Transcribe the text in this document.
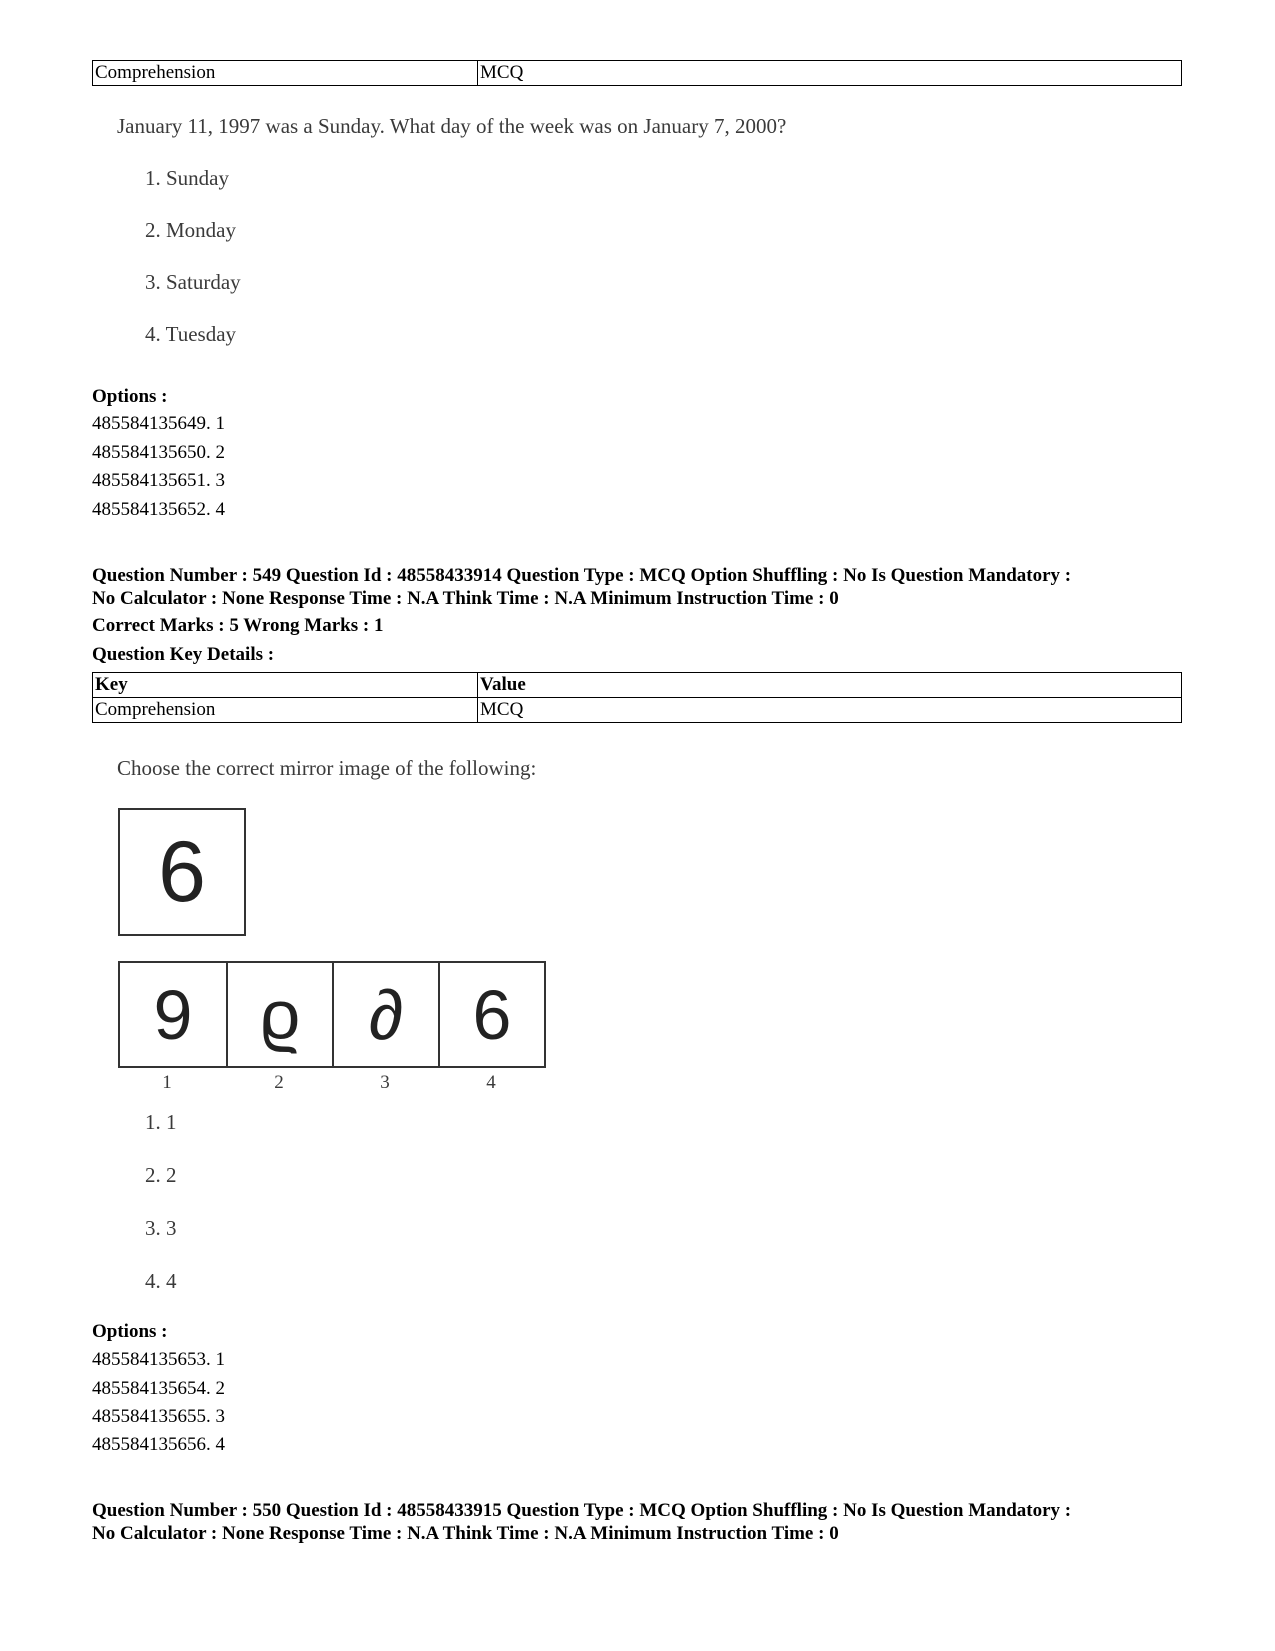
Comprehension	MCQ
January 11, 1997 was a Sunday. What day of the week was on January 7, 2000?
1. Sunday
2. Monday
3. Saturday
4. Tuesday
Options :
485584135649. 1
485584135650. 2
485584135651. 3
485584135652. 4
Question Number : 549 Question Id : 48558433914 Question Type : MCQ Option Shuffling : No Is Question Mandatory :
No Calculator : None Response Time : N.A Think Time : N.A Minimum Instruction Time : 0
Correct Marks : 5 Wrong Marks : 1
Question Key Details :
Key	Value
Comprehension	MCQ
Choose the correct mirror image of the following:
6
9 ϱ ∂ 6
1	2	3	4
1. 1
2. 2
3. 3
4. 4
Options :
485584135653. 1
485584135654. 2
485584135655. 3
485584135656. 4
Question Number : 550 Question Id : 48558433915 Question Type : MCQ Option Shuffling : No Is Question Mandatory :
No Calculator : None Response Time : N.A Think Time : N.A Minimum Instruction Time : 0
